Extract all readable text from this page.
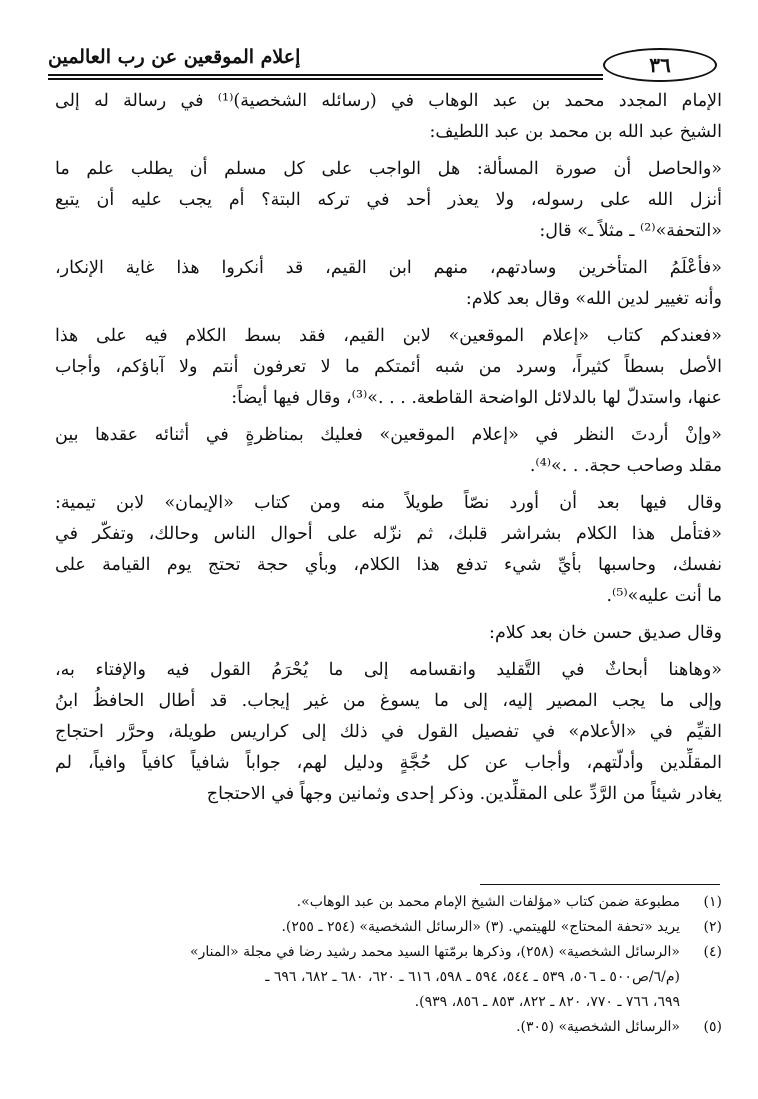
إعلام الموقعين عن رب العالمين	٣٦
الإمام المجدد محمد بن عبد الوهاب في (رسائله الشخصية)⁽¹⁾ في رسالة له إلى
الشيخ عبد الله بن محمد بن عبد اللطيف:
«والحاصل أن صورة المسألة: هل الواجب على كل مسلم أن يطلب علم ما
أنزل الله على رسوله، ولا يعذر أحد في تركه البتة؟ أم يجب عليه أن يتبع
«التحفة»⁽²⁾ ـ مثلاً ـ» قال:
«فأعْلَمُ المتأخرين وسادتهم، منهم ابن القيم، قد أنكروا هذا غاية الإنكار،
وأنه تغيير لدين الله» وقال بعد كلام:
«فعندكم كتاب «إعلام الموقعين» لابن القيم، فقد بسط الكلام فيه على هذا
الأصل بسطاً كثيراً، وسرد من شبه أئمتكم ما لا تعرفون أنتم ولا آباؤكم، وأجاب
عنها، واستدلّ لها بالدلائل الواضحة القاطعة. . . .»⁽³⁾، وقال فيها أيضاً:
«وإنْ أردتَ النظر في «إعلام الموقعين» فعليك بمناظرةٍ في أثنائه عقدها بين
مقلد وصاحب حجة. . .»⁽⁴⁾.
وقال فيها بعد أن أورد نصّاً طويلاً منه ومن كتاب «الإيمان» لابن تيمية:
«فتأمل هذا الكلام بشراشر قلبك، ثم نزّله على أحوال الناس وحالك، وتفكّر في
نفسك، وحاسبها بأيِّ شيء تدفع هذا الكلام، وبأي حجة تحتج يوم القيامة على
ما أنت عليه»⁽⁵⁾.
وقال صديق حسن خان بعد كلام:
«وهاهنا أبحاثٌ في التَّقليد وانقسامه إلى ما يُحْرَمُ القول فيه والإفتاء به،
وإلى ما يجب المصير إليه، إلى ما يسوغ من غير إيجاب. قد أطال الحافظُ ابنُ
القيِّم في «الأعلام» في تفصيل القول في ذلك إلى كراريس طويلة، وحرَّر احتجاج
المقلِّدين وأدلّتهم، وأجاب عن كل حُجَّةٍ ودليل لهم، جواباً شافياً كافياً وافياً، لم
يغادر شيئاً من الرَّدِّ على المقلِّدين. وذكر إحدى وثمانين وجهاً في الاحتجاج
(١)
مطبوعة ضمن كتاب «مؤلفات الشيخ الإمام محمد بن عبد الوهاب».
(٢)
يريد «تحفة المحتاج» للهيتمي. (٣) «الرسائل الشخصية» (٢٥٤ ـ ٢٥٥).
(٤)
«الرسائل الشخصية» (٢٥٨)، وذكرها برمّتها السيد محمد رشيد رضا في مجلة «المنار»
(م/٦/ص٥٠٠ ـ ٥٠٦، ٥٣٩ ـ ٥٤٤، ٥٩٤ ـ ٥٩٨، ٦١٦ ـ ٦٢٠، ٦٨٠ ـ ٦٨٢، ٦٩٦ ـ
٦٩٩، ٧٦٦ ـ ٧٧٠، ٨٢٠ ـ ٨٢٢، ٨٥٣ ـ ٨٥٦، ٩٣٩).
(٥)
«الرسائل الشخصية» (٣٠٥).
